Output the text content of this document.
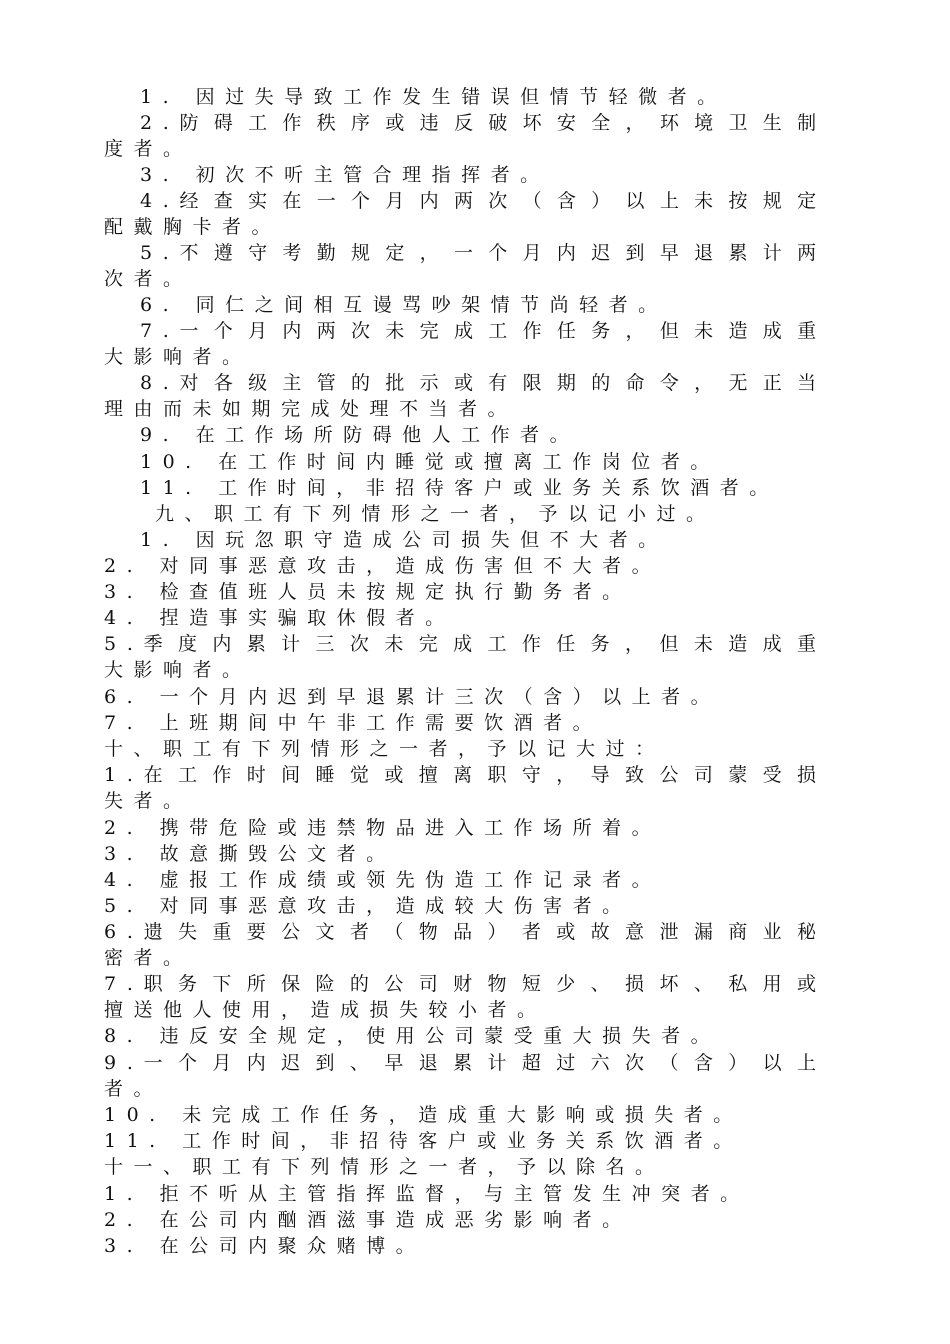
1. 因过失导致工作发生错误但情节轻微者。
2 . 防 碍 工 作 秩 序 或 违 反 破 坏 安 全 ， 环 境 卫 生 制
度者。
3. 初次不听主管合理指挥者。
4 . 经 查 实 在 一 个 月 内 两 次 （ 含 ） 以 上 未 按 规 定
配戴胸卡者。
5 . 不 遵 守 考 勤 规 定 ， 一 个 月 内 迟 到 早 退 累 计 两
次者。
6. 同仁之间相互谩骂吵架情节尚轻者。
7 . 一 个 月 内 两 次 未 完 成 工 作 任 务 ， 但 未 造 成 重
大影响者。
8 . 对 各 级 主 管 的 批 示 或 有 限 期 的 命 令 ， 无 正 当
理由而未如期完成处理不当者。
9. 在工作场所防碍他人工作者。
10. 在工作时间内睡觉或擅离工作岗位者。
11. 工作时间，非招待客户或业务关系饮酒者。
九、职工有下列情形之一者，予以记小过。
1. 因玩忽职守造成公司损失但不大者。
2. 对同事恶意攻击，造成伤害但不大者。
3. 检查值班人员未按规定执行勤务者。
4. 捏造事实骗取休假者。
5 . 季 度 内 累 计 三 次 未 完 成 工 作 任 务 ， 但 未 造 成 重
大影响者。
6. 一个月内迟到早退累计三次（含）以上者。
7. 上班期间中午非工作需要饮酒者。
十、职工有下列情形之一者，予以记大过：
1 . 在 工 作 时 间 睡 觉 或 擅 离 职 守 ， 导 致 公 司 蒙 受 损
失者。
2. 携带危险或违禁物品进入工作场所着。
3. 故意撕毁公文者。
4. 虚报工作成绩或领先伪造工作记录者。
5. 对同事恶意攻击，造成较大伤害者。
6 . 遗 失 重 要 公 文 者 （ 物 品 ） 者 或 故 意 泄 漏 商 业 秘
密者。
7 . 职 务 下 所 保 险 的 公 司 财 物 短 少 、 损 坏 、 私 用 或
擅送他人使用，造成损失较小者。
8. 违反安全规定，使用公司蒙受重大损失者。
9 . 一 个 月 内 迟 到 、 早 退 累 计 超 过 六 次 （ 含 ） 以 上
者。
10. 未完成工作任务，造成重大影响或损失者。
11. 工作时间，非招待客户或业务关系饮酒者。
十一、职工有下列情形之一者，予以除名。
1. 拒不听从主管指挥监督，与主管发生冲突者。
2. 在公司内酗酒滋事造成恶劣影响者。
3. 在公司内聚众赌博。
